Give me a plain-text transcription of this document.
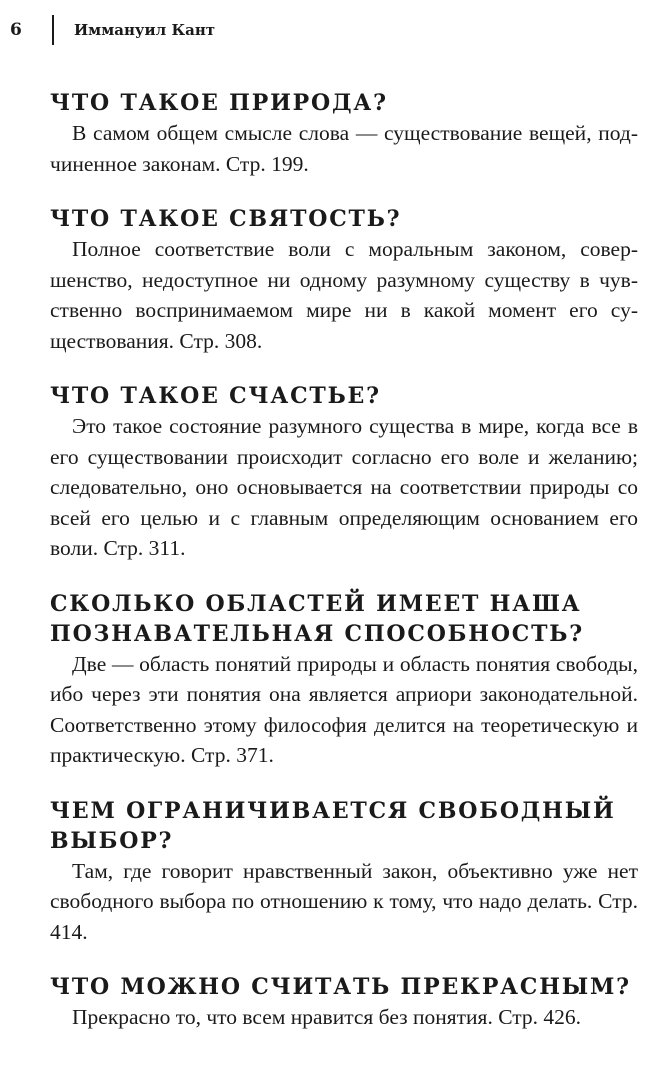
6	Иммануил Кант
ЧТО ТАКОЕ ПРИРОДА?

В самом общем смысле слова — существование вещей, подчиненное законам. Стр. 199.

ЧТО ТАКОЕ СВЯТОСТЬ?

Полное соответствие воли с моральным законом, совершенство, недоступное ни одному разумному существу в чувственно воспринимаемом мире ни в какой момент его существования. Стр. 308.

ЧТО ТАКОЕ СЧАСТЬЕ?

Это такое состояние разумного существа в мире, когда все в его существовании происходит согласно его воле и желанию; следовательно, оно основывается на соответствии природы со всей его целью и с главным определяющим основанием его воли. Стр. 311.

СКОЛЬКО ОБЛАСТЕЙ ИМЕЕТ НАША ПОЗНАВАТЕЛЬНАЯ СПОСОБНОСТЬ?

Две — область понятий природы и область понятия свободы, ибо через эти понятия она является априори законодательной. Соответственно этому философия делится на теоретическую и практическую. Стр. 371.

ЧЕМ ОГРАНИЧИВАЕТСЯ СВОБОДНЫЙ ВЫБОР?

Там, где говорит нравственный закон, объективно уже нет свободного выбора по отношению к тому, что надо делать. Стр. 414.

ЧТО МОЖНО СЧИТАТЬ ПРЕКРАСНЫМ?

Прекрасно то, что всем нравится без понятия. Стр. 426.
